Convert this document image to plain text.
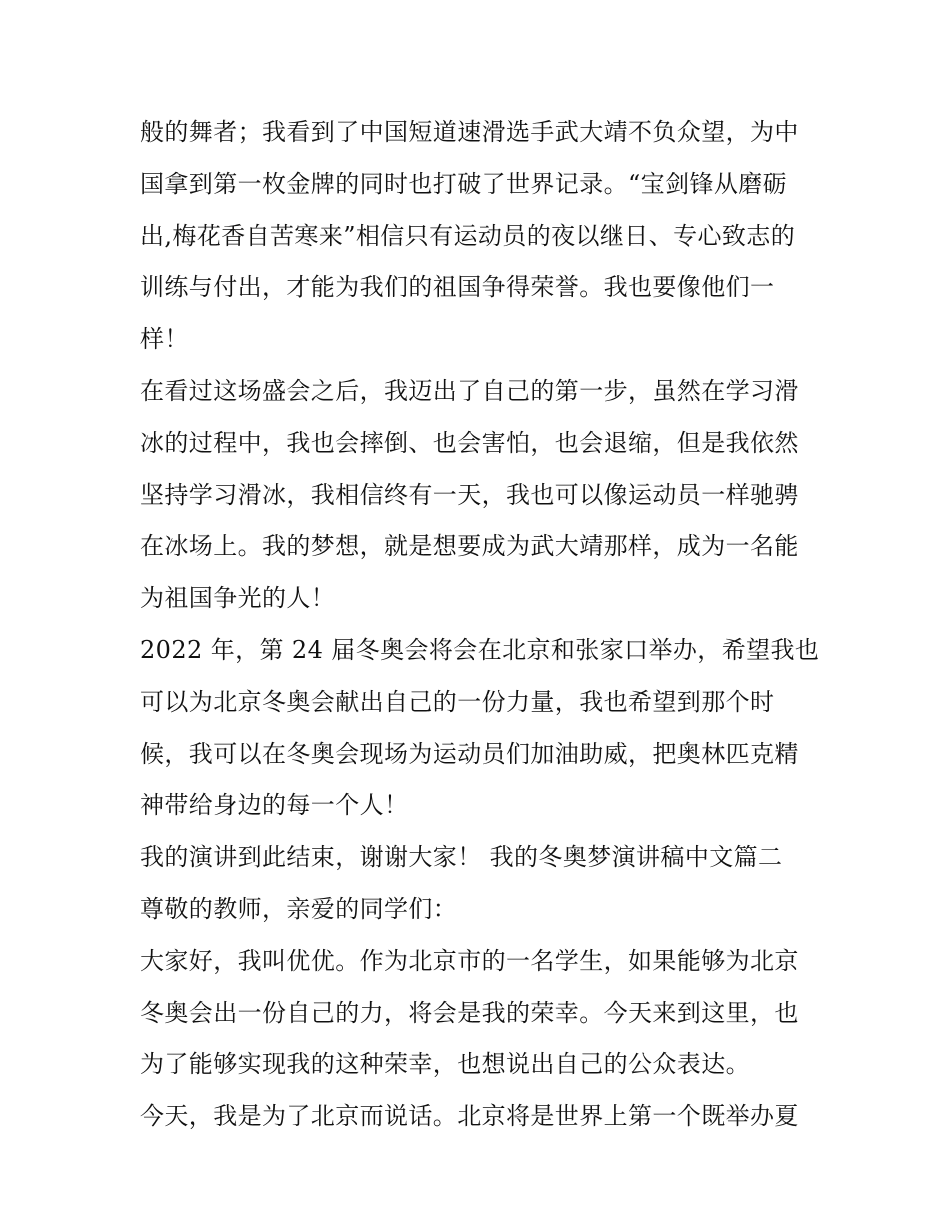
般的舞者；我看到了中国短道速滑选手武大靖不负众望，为中
国拿到第一枚金牌的同时也打破了世界记录。“宝剑锋从磨砺
出,梅花香自苦寒来”相信只有运动员的夜以继日、专心致志的
训练与付出，才能为我们的祖国争得荣誉。我也要像他们一
样！
在看过这场盛会之后，我迈出了自己的第一步，虽然在学习滑
冰的过程中，我也会摔倒、也会害怕，也会退缩，但是我依然
坚持学习滑冰，我相信终有一天，我也可以像运动员一样驰骋
在冰场上。我的梦想，就是想要成为武大靖那样，成为一名能
为祖国争光的人！
2022 年，第 24 届冬奥会将会在北京和张家口举办，希望我也
可以为北京冬奥会献出自己的一份力量，我也希望到那个时
候，我可以在冬奥会现场为运动员们加油助威，把奥林匹克精
神带给身边的每一个人！
我的演讲到此结束，谢谢大家！ 我的冬奥梦演讲稿中文篇二
尊敬的教师，亲爱的同学们：
大家好，我叫优优。作为北京市的一名学生，如果能够为北京
冬奥会出一份自己的力，将会是我的荣幸。今天来到这里，也
为了能够实现我的这种荣幸，也想说出自己的公众表达。
今天，我是为了北京而说话。北京将是世界上第一个既举办夏
